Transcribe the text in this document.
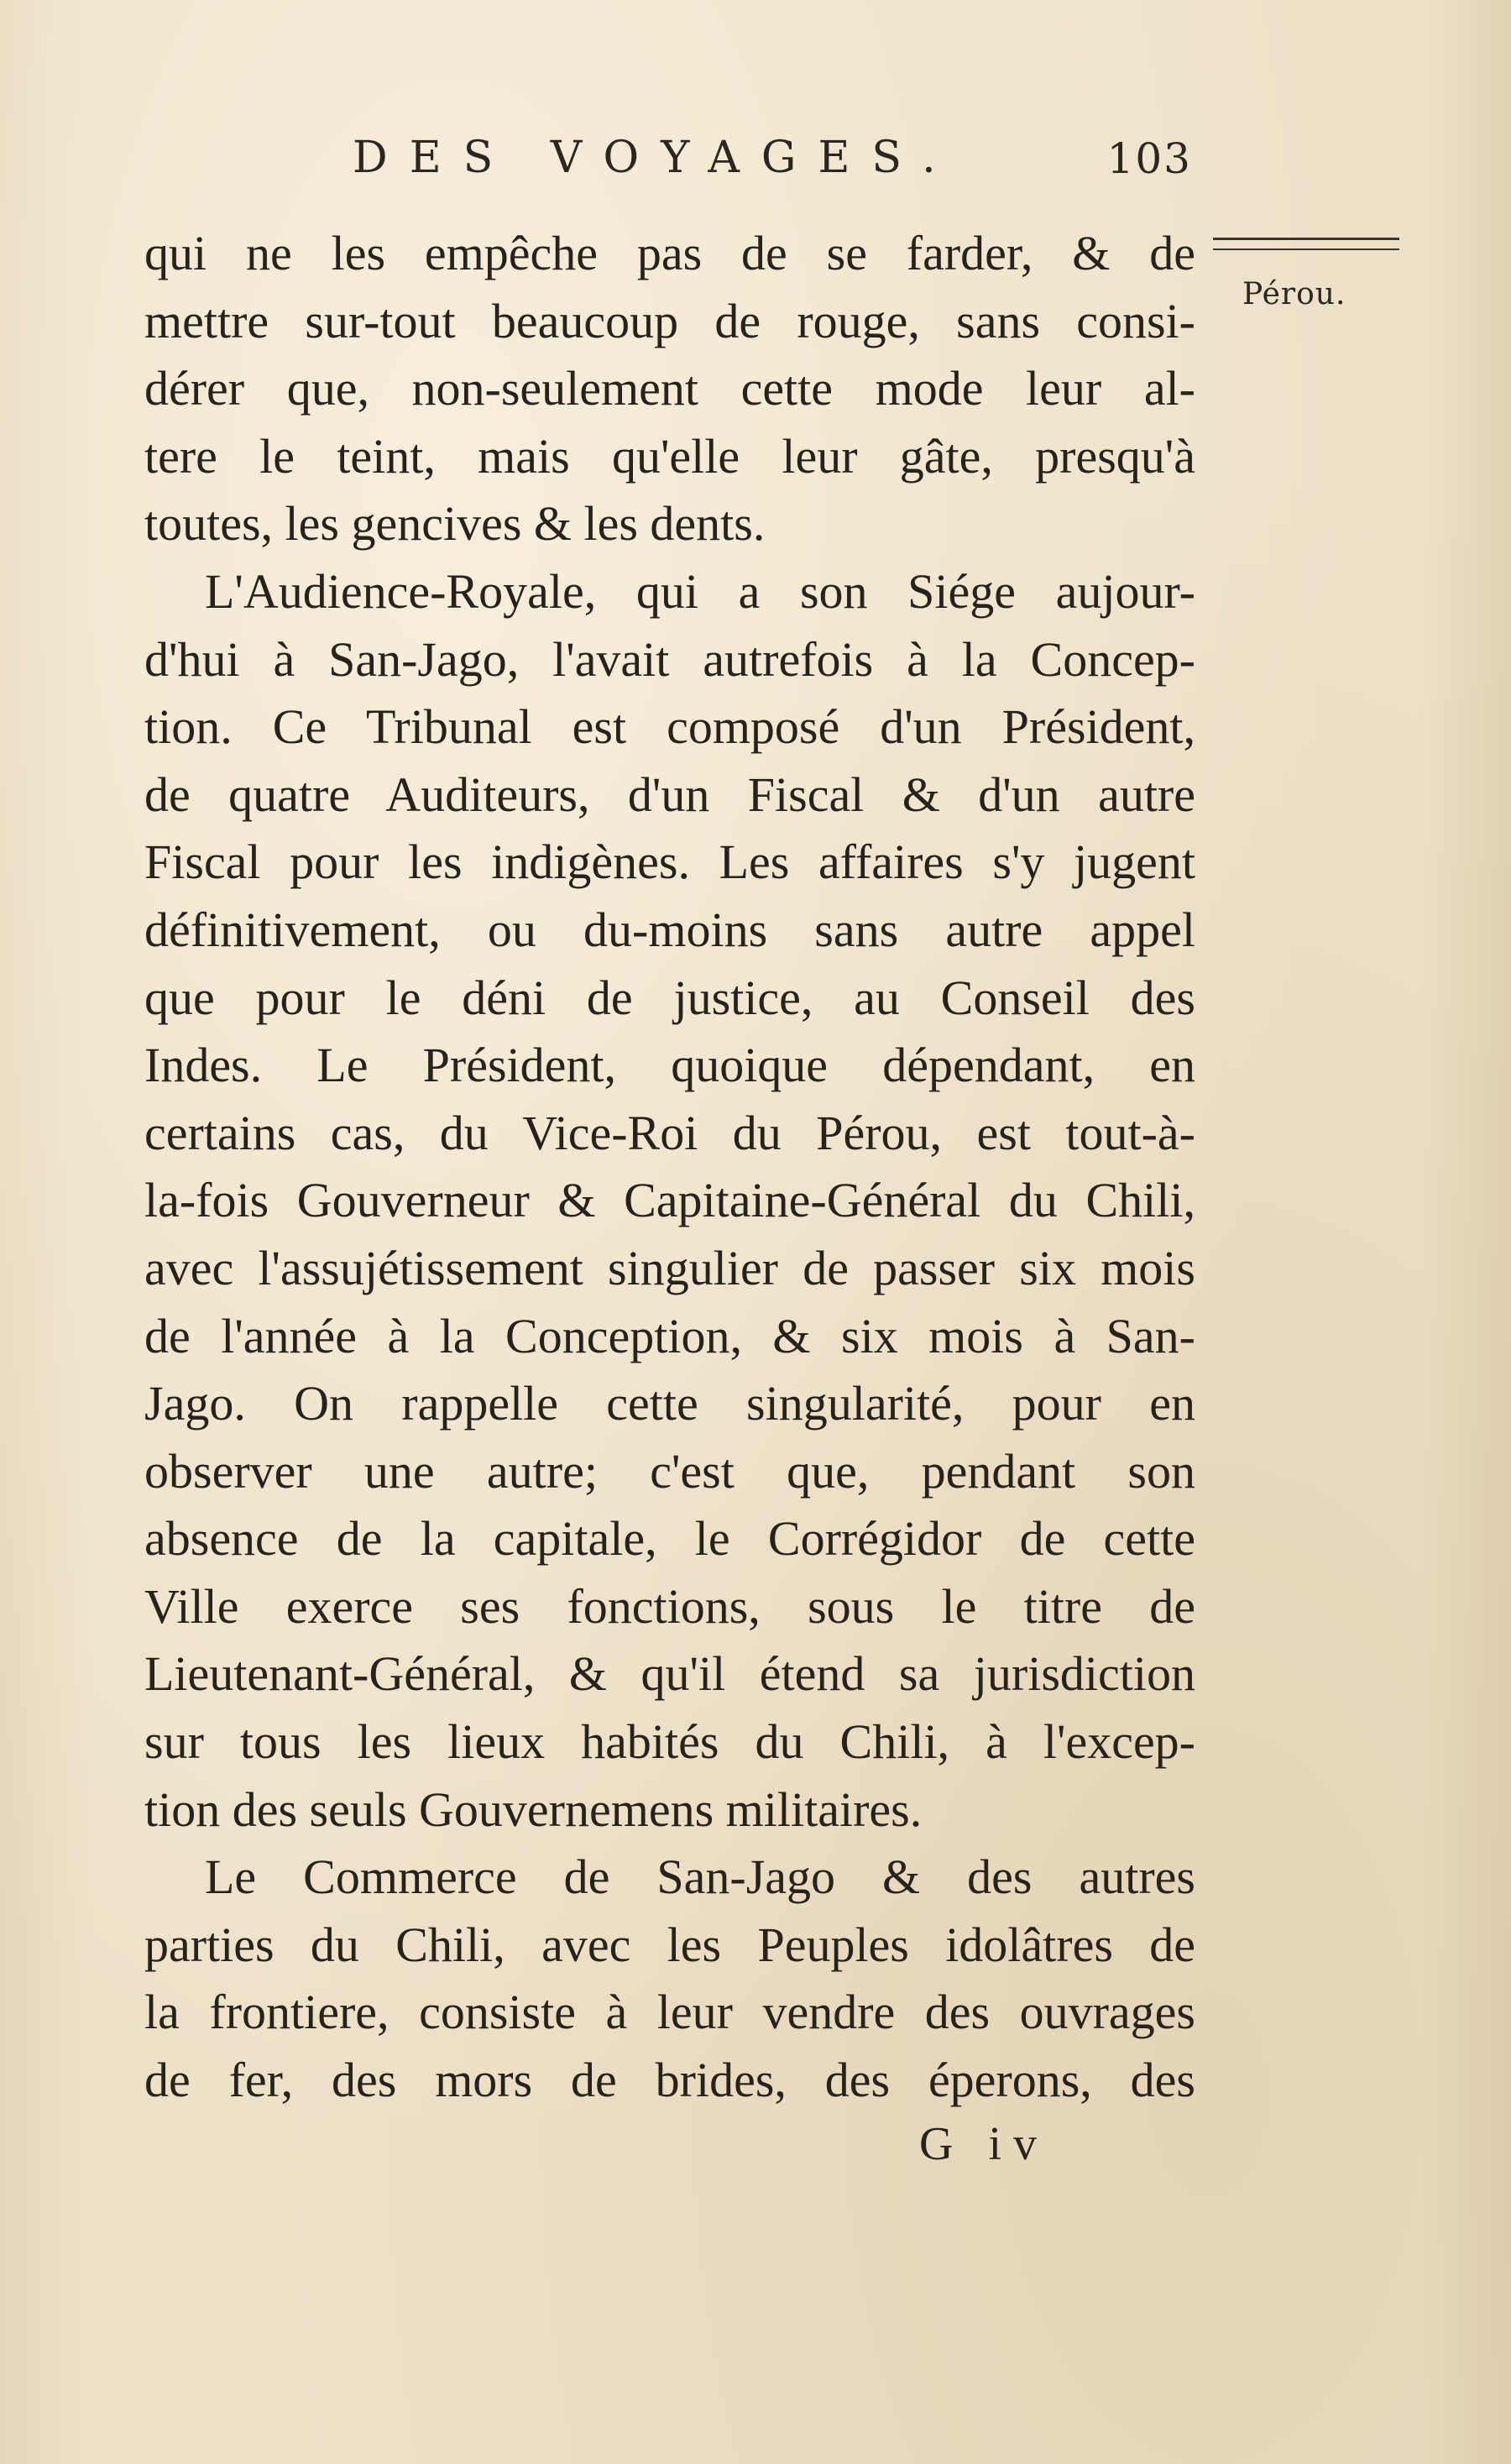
DES VOYAGES.	103
Pérou.
qui ne les empêche pas de se farder, & de
mettre sur-tout beaucoup de rouge, sans consi-
dérer que, non-seulement cette mode leur al-
tere le teint, mais qu'elle leur gâte, presqu'à
toutes, les gencives & les dents.
L'Audience-Royale, qui a son Siége aujour-
d'hui à San-Jago, l'avait autrefois à la Concep-
tion. Ce Tribunal est composé d'un Président,
de quatre Auditeurs, d'un Fiscal & d'un autre
Fiscal pour les indigènes. Les affaires s'y jugent
définitivement, ou du-moins sans autre appel
que pour le déni de justice, au Conseil des
Indes. Le Président, quoique dépendant, en
certains cas, du Vice-Roi du Pérou, est tout-à-
la-fois Gouverneur & Capitaine-Général du Chili,
avec l'assujétissement singulier de passer six mois
de l'année à la Conception, & six mois à San-
Jago. On rappelle cette singularité, pour en
observer une autre; c'est que, pendant son
absence de la capitale, le Corrégidor de cette
Ville exerce ses fonctions, sous le titre de
Lieutenant-Général, & qu'il étend sa jurisdiction
sur tous les lieux habités du Chili, à l'excep-
tion des seuls Gouvernemens militaires.
Le Commerce de San-Jago & des autres
parties du Chili, avec les Peuples idolâtres de
la frontiere, consiste à leur vendre des ouvrages
de fer, des mors de brides, des éperons, des
G iv
